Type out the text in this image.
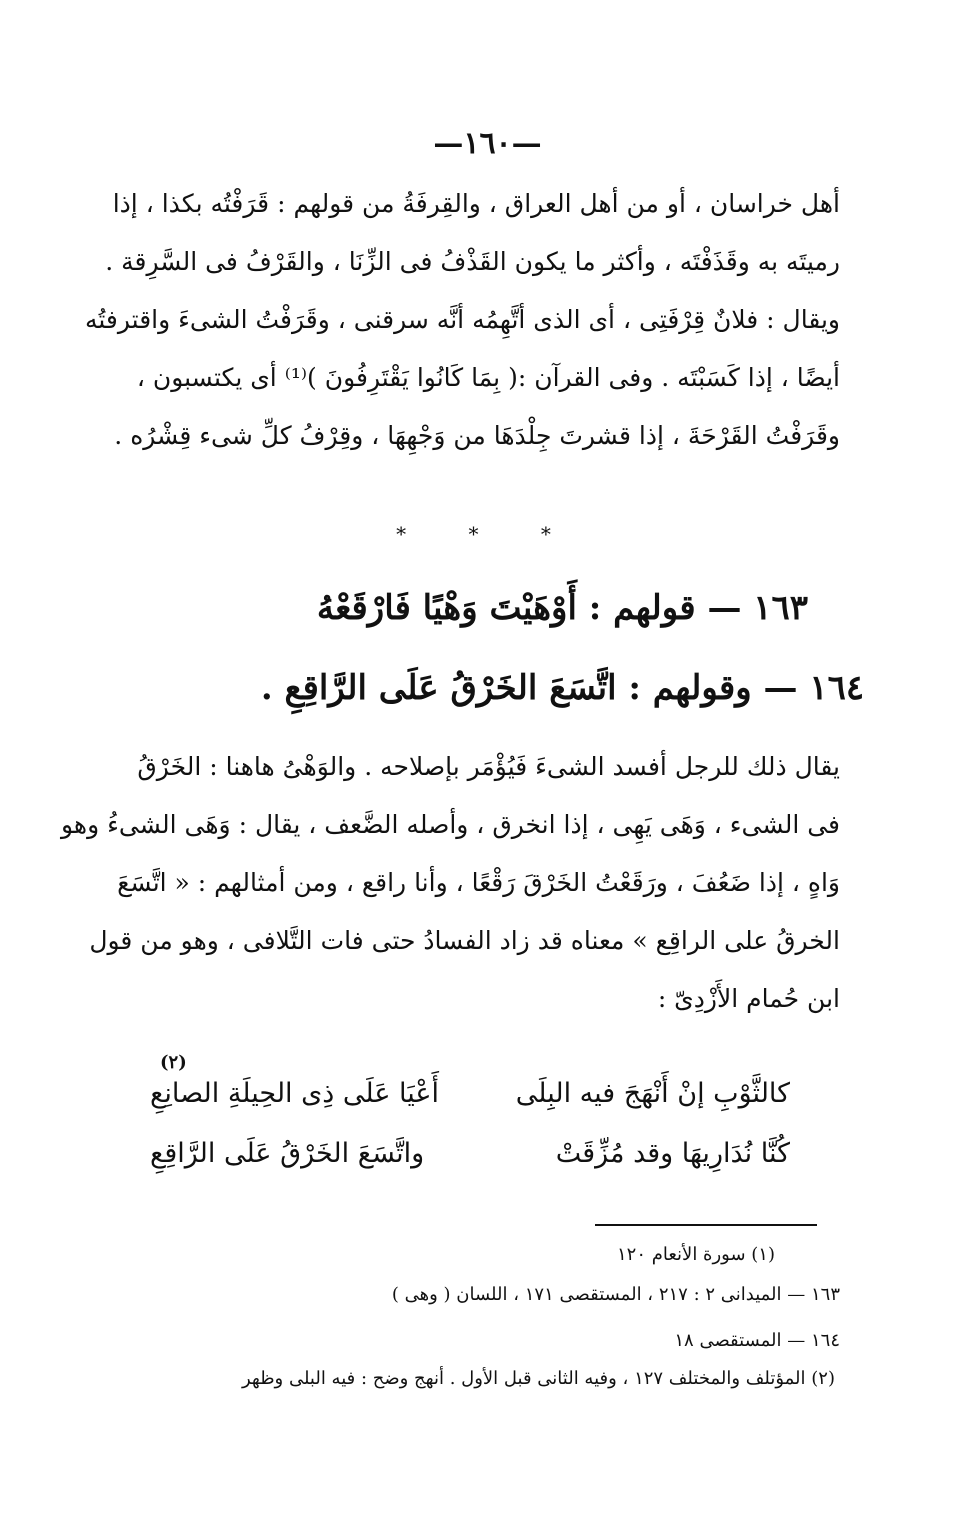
—١٦٠—
أهل خراسان ، أو من أهل العراق ، والقِرفَةُ من قولهم : قَرَفْتُه بكذا ، إذا
رميتَه به وقَذَفْتَه ، وأكثر ما يكون القَذْفُ فى الزِّنَا ، والقَرْفُ فى السَّرِقة .
ويقال : فلانٌ قِرْفَتِى ، أى الذى أتَّهِمُه أنَّه سرقنى ، وقَرَفْتُ الشىءَ واقترفتُه
أيضًا ، إذا كَسَبْتَه . وفى القرآن :( بِمَا كَانُوا يَقْتَرِفُونَ )⁽¹⁾ أى يكتسبون ،
وقَرَفْتُ القَرْحَةَ ، إذا قشرتَ جِلْدَهَا من وَجْهِهَا ، وقِرْفُ كلِّ شىء قِشْرُه .
* * *
١٦٣ — قولهم : أَوْهَيْتَ وَهْيًا فَارْقَعْهُ
١٦٤ — وقولهم : اتَّسَعَ الخَرْقُ عَلَى الرَّاقِعِ .
يقال ذلك للرجل أفسد الشىءَ فَيُؤْمَر بإصلاحه . والوَهْىُ هاهنا : الخَرْقُ
فى الشىء ، وَهَى يَهِى ، إذا انخرق ، وأصله الضَّعف ، يقال : وَهَى الشىءُ وهو
وَاهٍ ، إذا ضَعُفَ ، ورَقَعْتُ الخَرْقَ رَقْعًا ، وأنا راقع ، ومن أمثالهم : « اتَّسَعَ
الخرقُ على الراقِع » معناه قد زاد الفسادُ حتى فات التَّلافى ، وهو من قول
ابن حُمام الأَزْدِىّ :
(٢)
كالثَّوْبِ إنْ أَنْهَجَ فيه البِلَى
أَعْيَا عَلَى ذِى الحِيلَةِ الصانِعِ
كُنَّا نُدَارِيهَا وقد مُزِّقَتْ
واتَّسَعَ الخَرْقُ عَلَى الرَّاقِعِ
(١) سورة الأنعام ١٢٠
١٦٣ — الميدانى ٢ : ٢١٧ ، المستقصى ١٧١ ، اللسان ( وهى )
١٦٤ — المستقصى ١٨
(٢) المؤتلف والمختلف ١٢٧ ، وفيه الثانى قبل الأول . أنهج وضح : فيه البلى وظهر
